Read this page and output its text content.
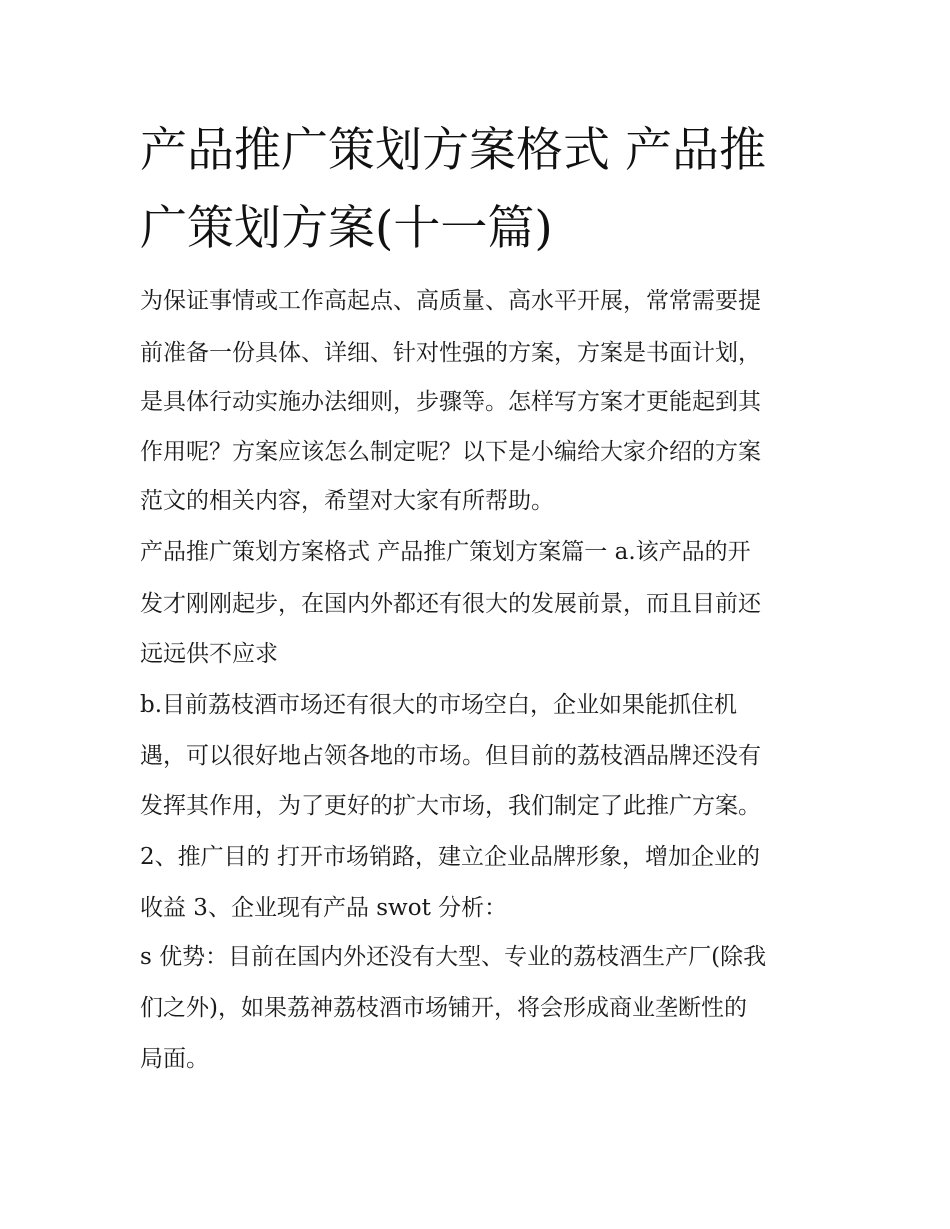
产品推广策划方案格式 产品推
广策划方案(十一篇)
为保证事情或工作高起点、高质量、高水平开展，常常需要提
前准备一份具体、详细、针对性强的方案，方案是书面计划，
是具体行动实施办法细则，步骤等。怎样写方案才更能起到其
作用呢？方案应该怎么制定呢？以下是小编给大家介绍的方案
范文的相关内容，希望对大家有所帮助。
产品推广策划方案格式 产品推广策划方案篇一 a.该产品的开
发才刚刚起步，在国内外都还有很大的发展前景，而且目前还
远远供不应求
b.目前荔枝酒市场还有很大的市场空白，企业如果能抓住机
遇，可以很好地占领各地的市场。但目前的荔枝酒品牌还没有
发挥其作用，为了更好的扩大市场，我们制定了此推广方案。
2、推广目的 打开市场销路，建立企业品牌形象，增加企业的
收益 3、企业现有产品 swot 分析：
s 优势：目前在国内外还没有大型、专业的荔枝酒生产厂(除我
们之外)，如果荔神荔枝酒市场铺开，将会形成商业垄断性的
局面。
